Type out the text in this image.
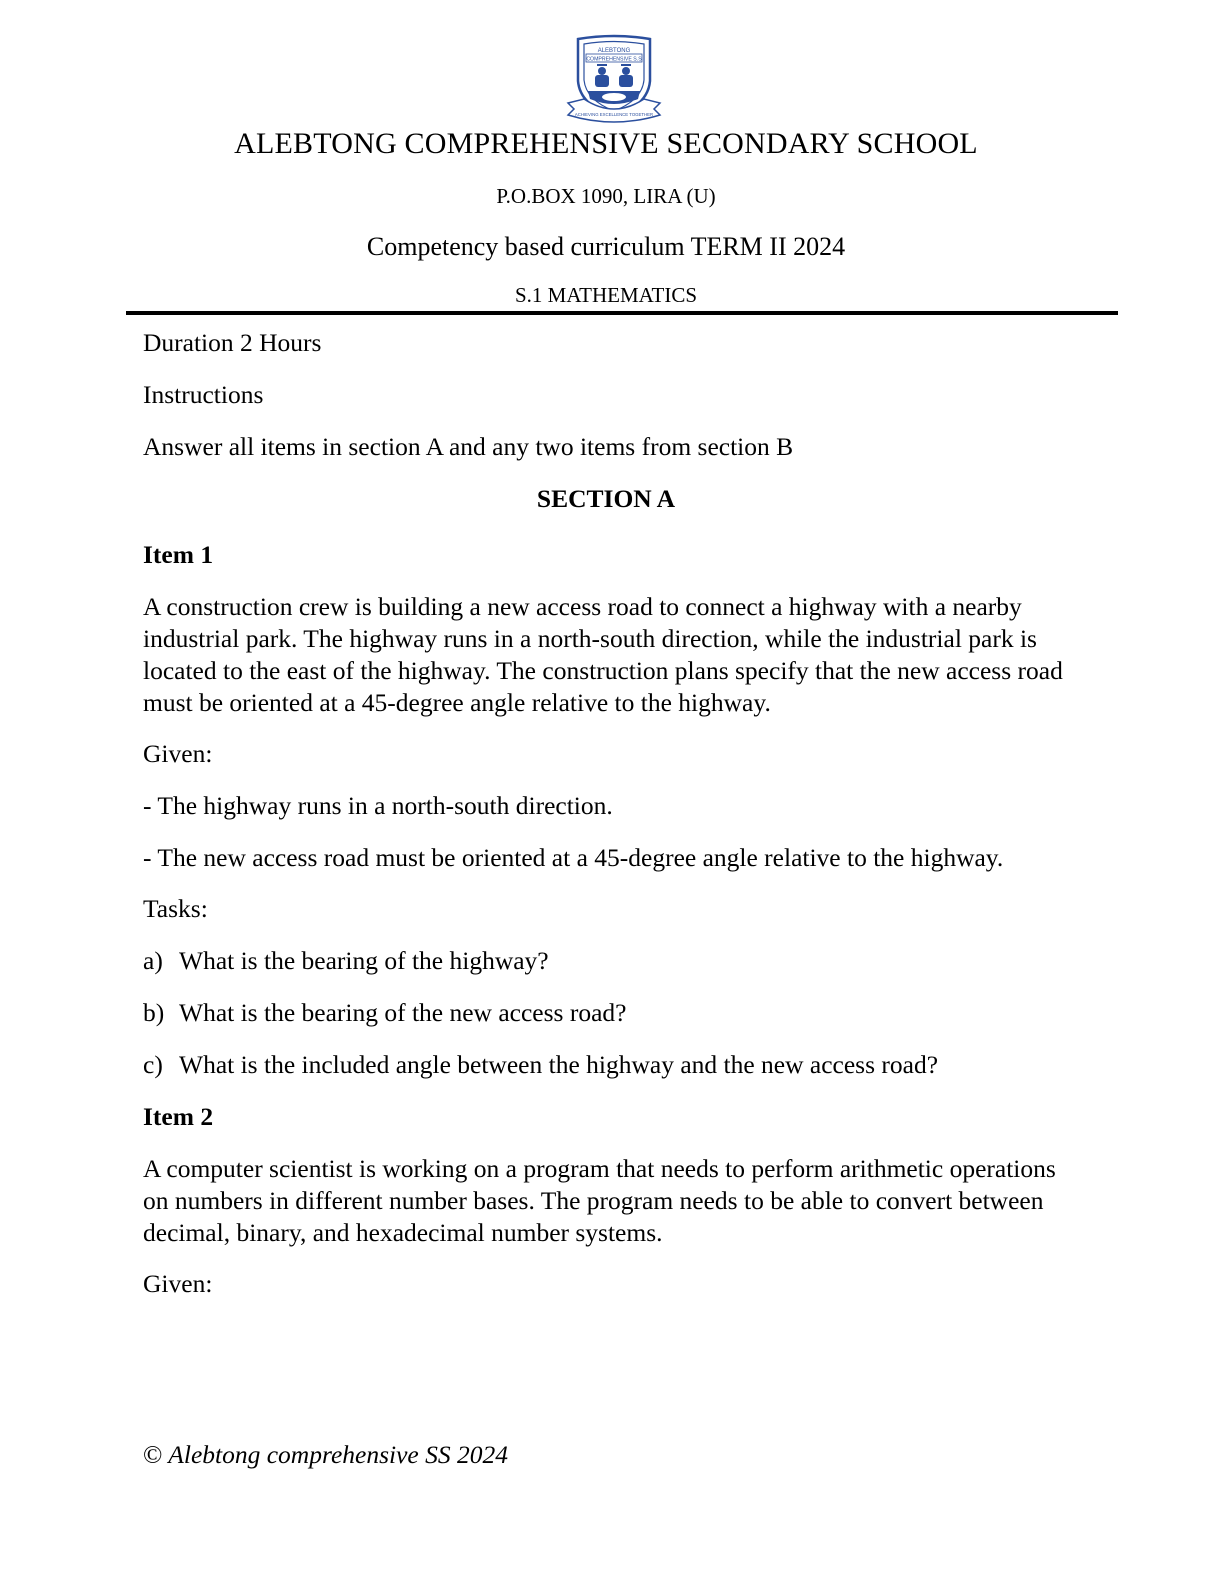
ALEBTONG
COMPREHENSIVE S.S
ACHIEVING EXCELLENCE TOGETHER
ALEBTONG COMPREHENSIVE SECONDARY SCHOOL
P.O.BOX 1090, LIRA (U)
Competency based curriculum TERM II 2024
S.1 MATHEMATICS

Duration 2 Hours

Instructions

Answer all items in section A and any two items from section B

SECTION A

Item 1

A construction crew is building a new access road to connect a highway with a nearby industrial park. The highway runs in a north-south direction, while the industrial park is located to the east of the highway. The construction plans specify that the new access road must be oriented at a 45-degree angle relative to the highway.

Given:

- The highway runs in a north-south direction.

- The new access road must be oriented at a 45-degree angle relative to the highway.

Tasks:

a) What is the bearing of the highway?
b) What is the bearing of the new access road?
c) What is the included angle between the highway and the new access road?

Item 2

A computer scientist is working on a program that needs to perform arithmetic operations on numbers in different number bases. The program needs to be able to convert between decimal, binary, and hexadecimal number systems.

Given:

© Alebtong comprehensive SS 2024
